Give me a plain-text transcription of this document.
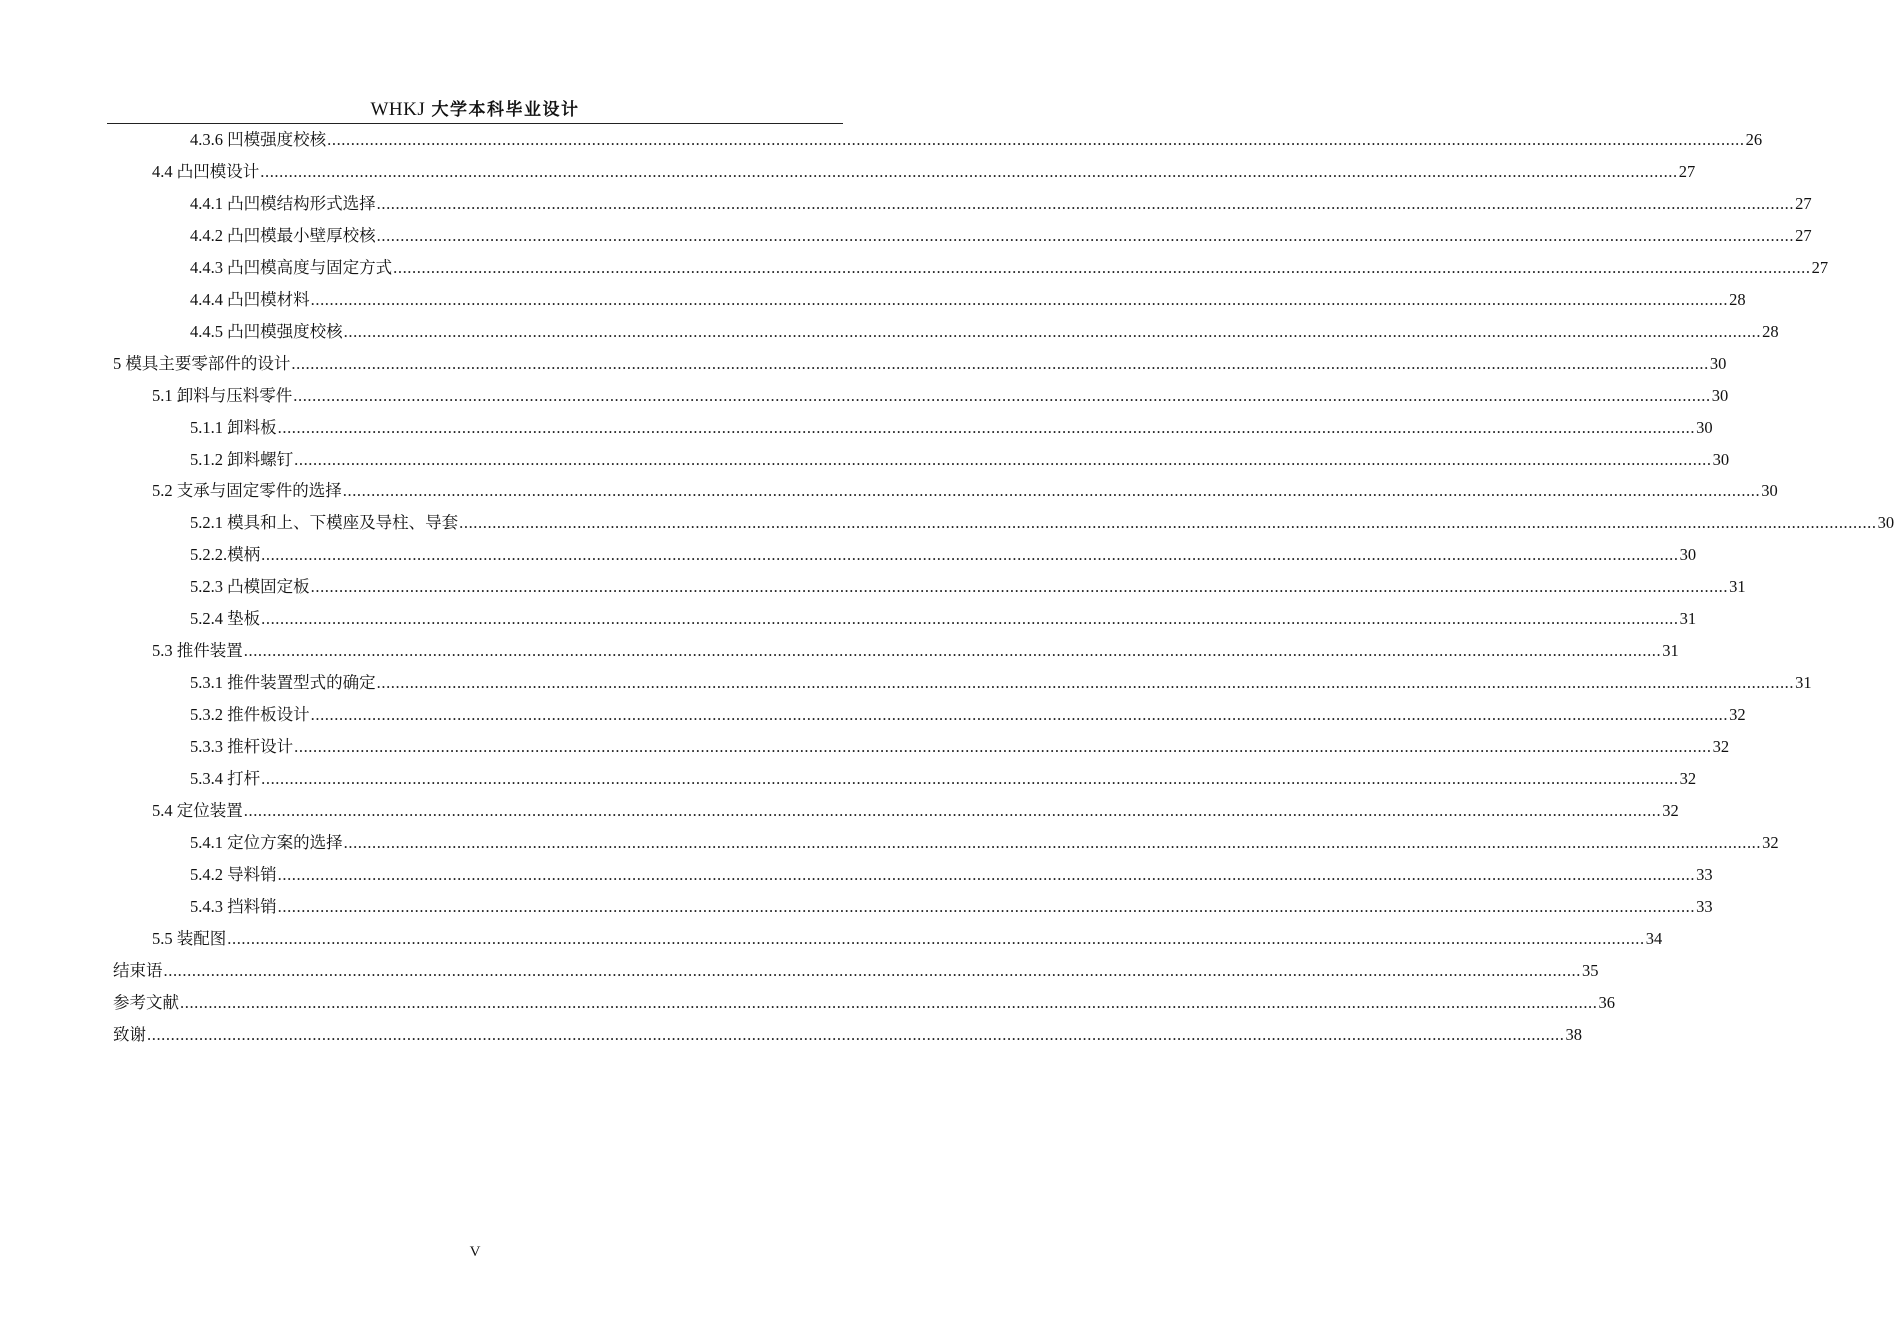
WHKJ 大学本科毕业设计
4.3.6 凹模强度校核 ............................................................................................................................................................................................................................................................................................................ 26
4.4 凸凹模设计 ............................................................................................................................................................................................................................................................................................................ 27
4.4.1 凸凹模结构形式选择 ............................................................................................................................................................................................................................................................................................................ 27
4.4.2 凸凹模最小壁厚校核 ............................................................................................................................................................................................................................................................................................................ 27
4.4.3 凸凹模高度与固定方式 ............................................................................................................................................................................................................................................................................................................ 27
4.4.4 凸凹模材料 ............................................................................................................................................................................................................................................................................................................ 28
4.4.5 凸凹模强度校核 ............................................................................................................................................................................................................................................................................................................ 28
5 模具主要零部件的设计 ............................................................................................................................................................................................................................................................................................................ 30
5.1 卸料与压料零件 ............................................................................................................................................................................................................................................................................................................ 30
5.1.1 卸料板 ............................................................................................................................................................................................................................................................................................................ 30
5.1.2 卸料螺钉 ............................................................................................................................................................................................................................................................................................................ 30
5.2 支承与固定零件的选择 ............................................................................................................................................................................................................................................................................................................ 30
5.2.1 模具和上、下模座及导柱、导套 ............................................................................................................................................................................................................................................................................................................ 30
5.2.2.模柄 ............................................................................................................................................................................................................................................................................................................ 30
5.2.3 凸模固定板 ............................................................................................................................................................................................................................................................................................................ 31
5.2.4 垫板 ............................................................................................................................................................................................................................................................................................................ 31
5.3 推件装置 ............................................................................................................................................................................................................................................................................................................ 31
5.3.1 推件装置型式的确定 ............................................................................................................................................................................................................................................................................................................ 31
5.3.2 推件板设计 ............................................................................................................................................................................................................................................................................................................ 32
5.3.3 推杆设计 ............................................................................................................................................................................................................................................................................................................ 32
5.3.4 打杆 ............................................................................................................................................................................................................................................................................................................ 32
5.4 定位装置 ............................................................................................................................................................................................................................................................................................................ 32
5.4.1 定位方案的选择 ............................................................................................................................................................................................................................................................................................................ 32
5.4.2 导料销 ............................................................................................................................................................................................................................................................................................................ 33
5.4.3 挡料销 ............................................................................................................................................................................................................................................................................................................ 33
5.5 装配图 ............................................................................................................................................................................................................................................................................................................ 34
结束语 ............................................................................................................................................................................................................................................................................................................ 35
参考文献 ............................................................................................................................................................................................................................................................................................................ 36
致谢 ............................................................................................................................................................................................................................................................................................................ 38
V
